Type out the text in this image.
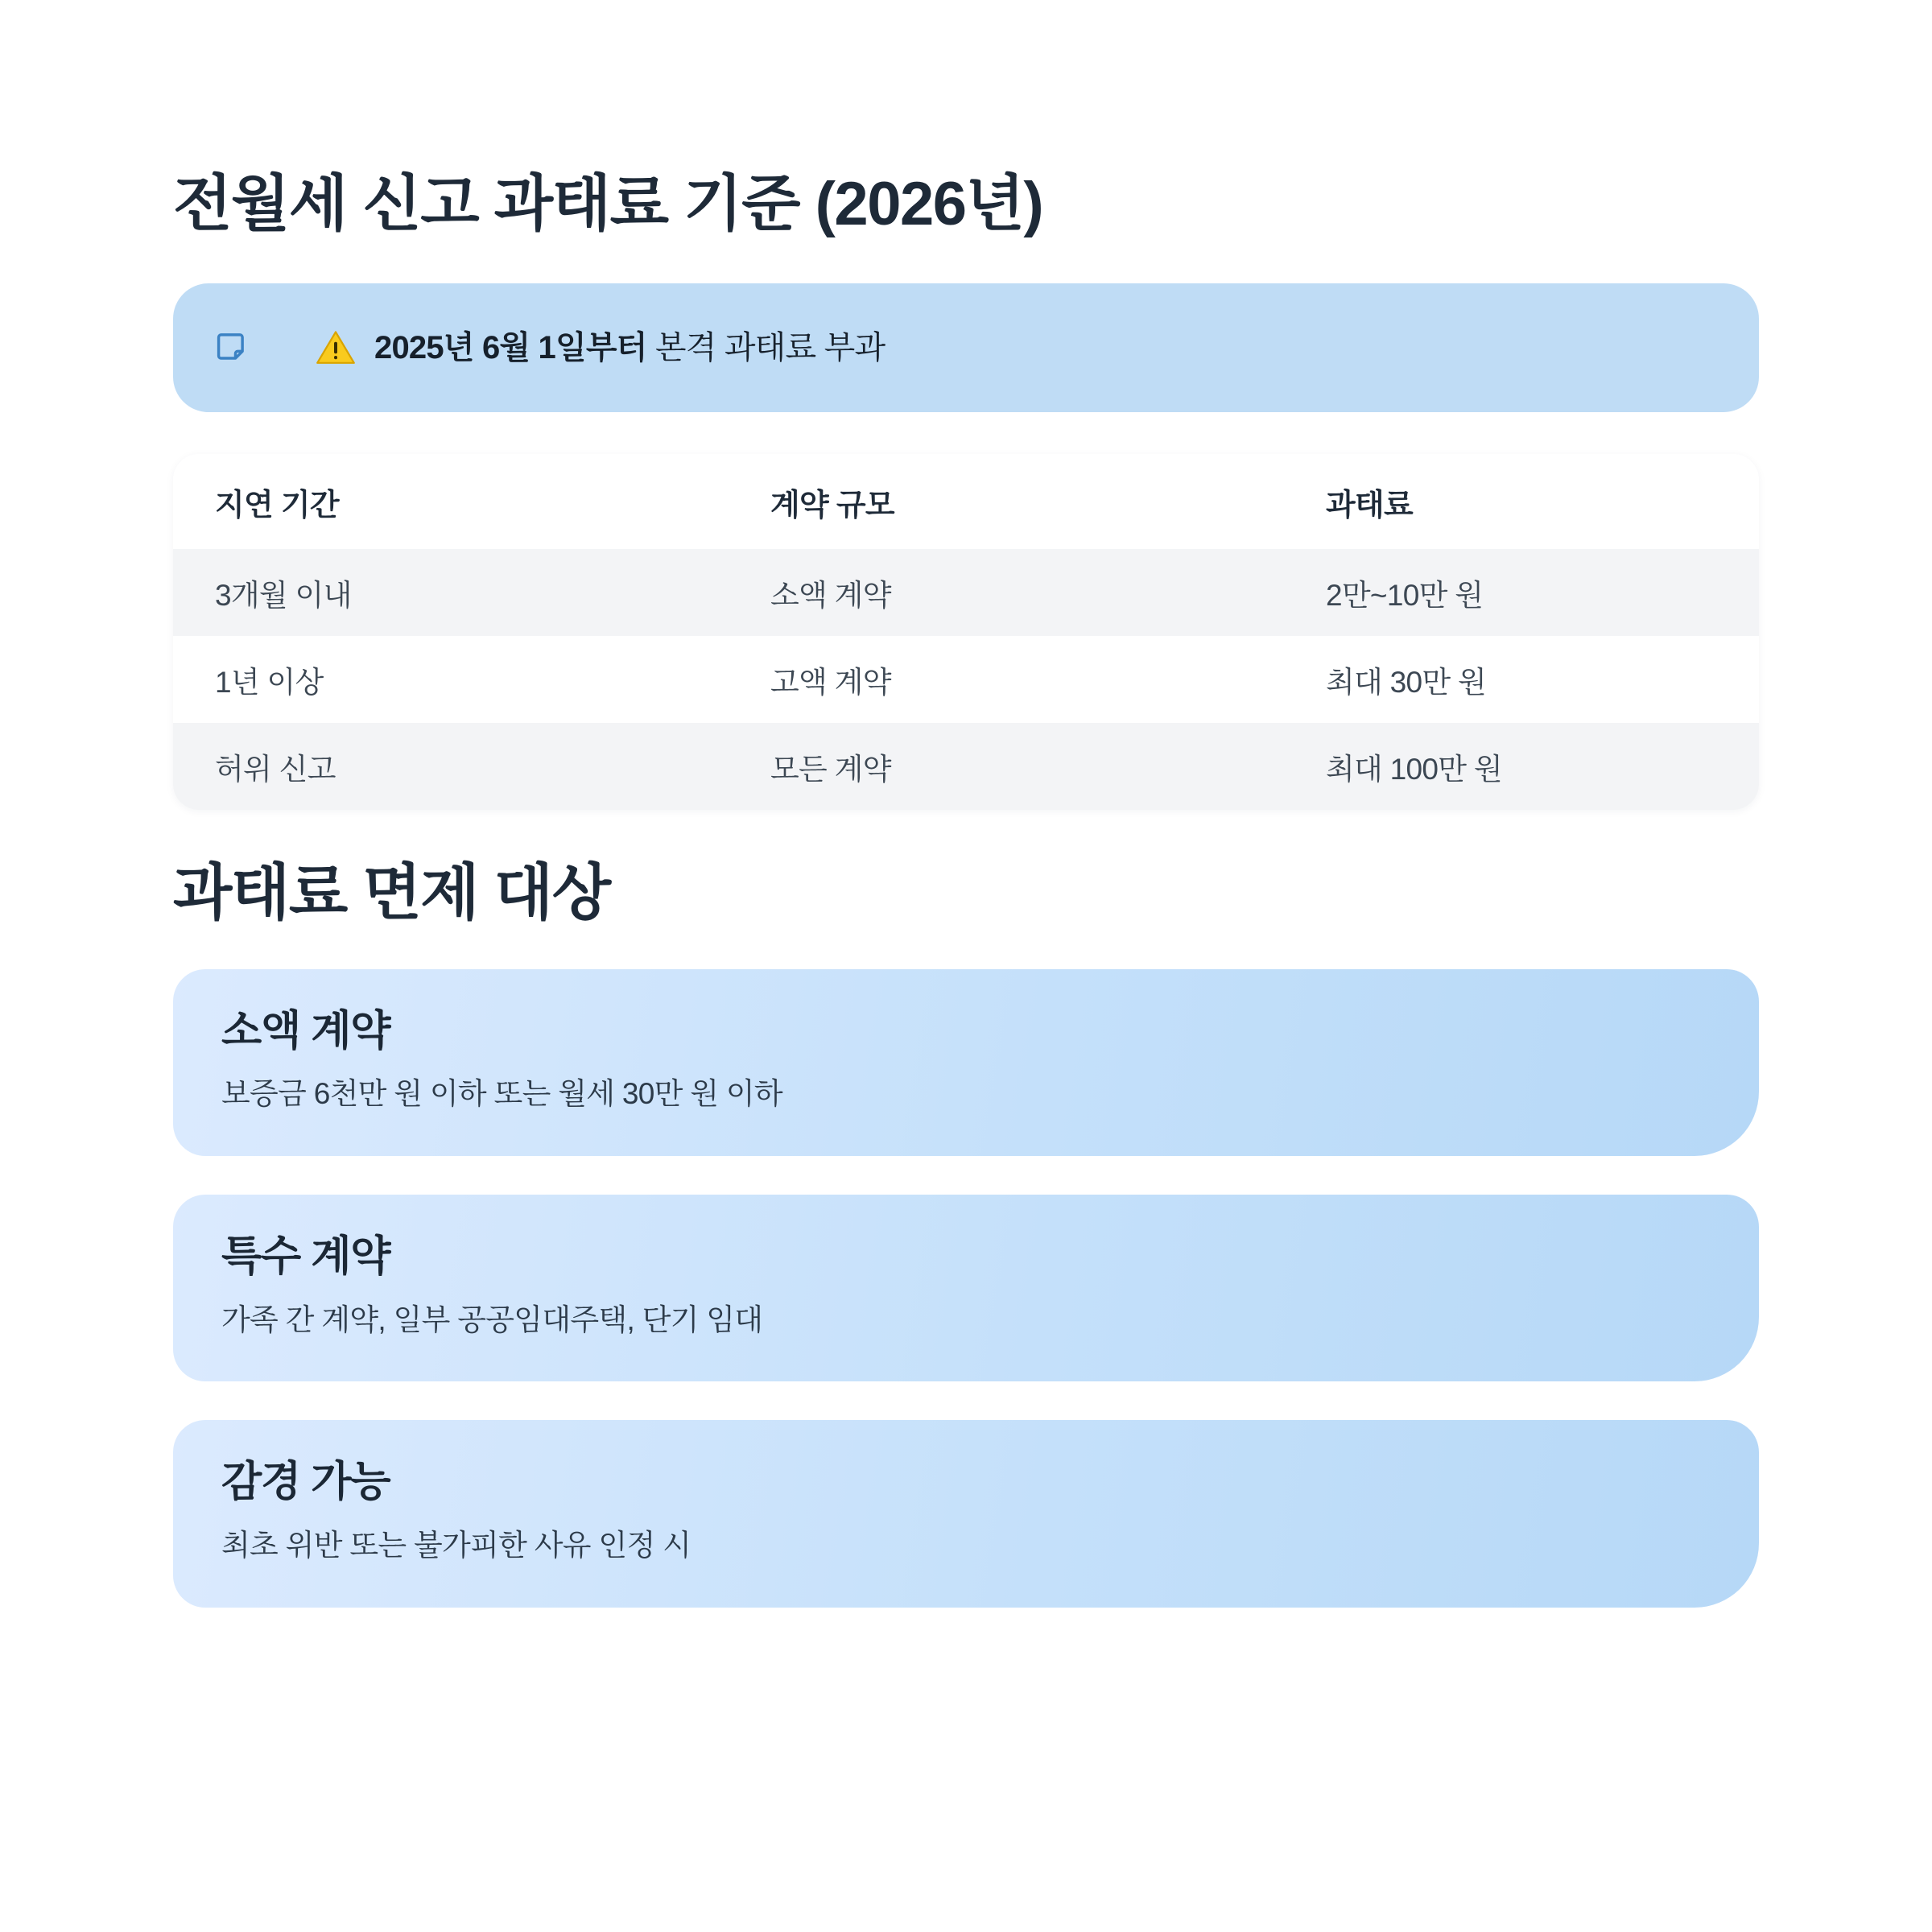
전월세 신고 과태료 기준 (2026년)
2025년 6월 1일부터 본격 과태료 부과
지연 기간	계약 규모	과태료
3개월 이내	소액 계약	2만~10만 원
1년 이상	고액 계약	최대 30만 원
허위 신고	모든 계약	최대 100만 원
과태료 면제 대상
소액 계약
보증금 6천만 원 이하 또는 월세 30만 원 이하
특수 계약
가족 간 계약, 일부 공공임대주택, 단기 임대
감경 가능
최초 위반 또는 불가피한 사유 인정 시
